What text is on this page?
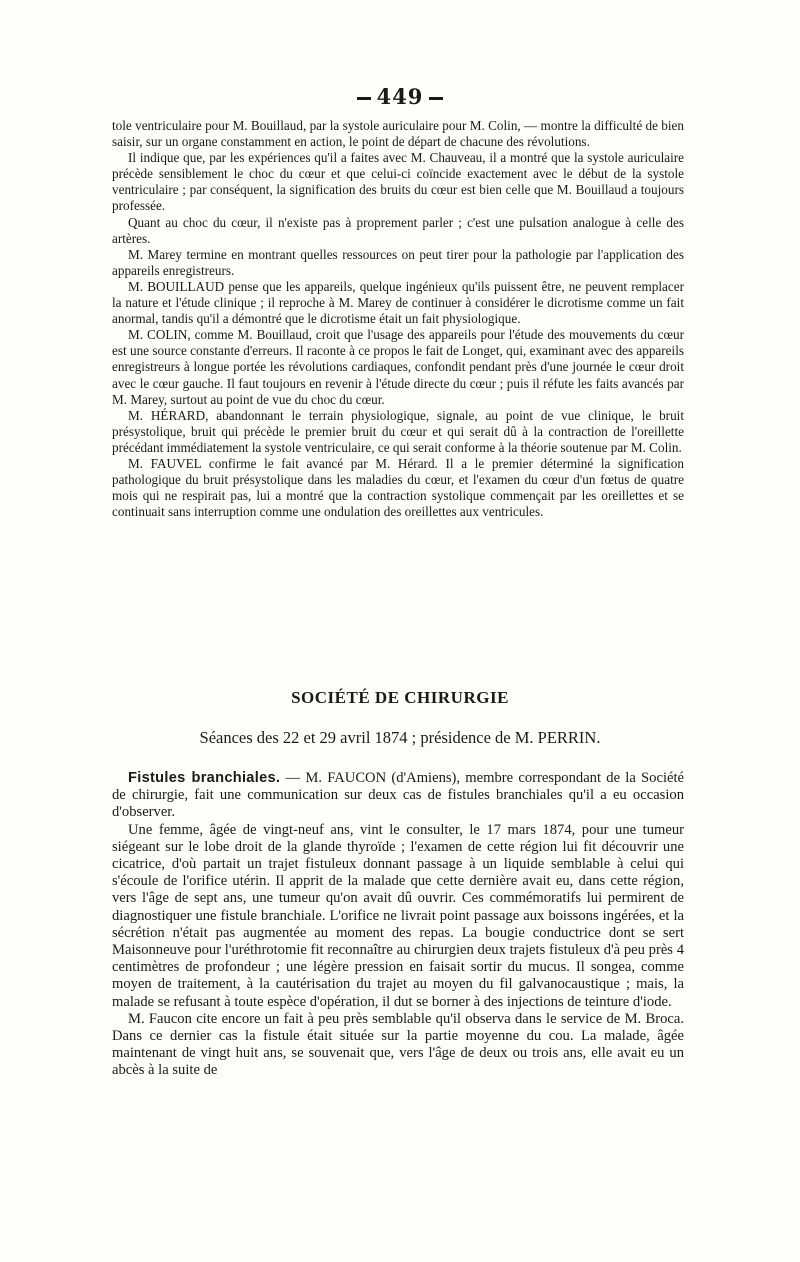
449

tole ventriculaire pour M. Bouillaud, par la systole auriculaire pour M. Colin, — montre la difficulté de bien saisir, sur un organe constamment en action, le point de départ de chacune des révolutions.

Il indique que, par les expériences qu'il a faites avec M. Chauveau, il a montré que la systole auriculaire précède sensiblement le choc du cœur et que celui-ci coïncide exactement avec le début de la systole ventriculaire ; par conséquent, la signification des bruits du cœur est bien celle que M. Bouillaud a toujours professée.

Quant au choc du cœur, il n'existe pas à proprement parler ; c'est une pulsation analogue à celle des artères.

M. Marey termine en montrant quelles ressources on peut tirer pour la pathologie par l'application des appareils enregistreurs.

M. BOUILLAUD pense que les appareils, quelque ingénieux qu'ils puissent être, ne peuvent remplacer la nature et l'étude clinique ; il reproche à M. Marey de continuer à considérer le dicrotisme comme un fait anormal, tandis qu'il a démontré que le dicrotisme était un fait physiologique.

M. COLIN, comme M. Bouillaud, croit que l'usage des appareils pour l'étude des mouvements du cœur est une source constante d'erreurs. Il raconte à ce propos le fait de Longet, qui, examinant avec des appareils enregistreurs à longue portée les révolutions cardiaques, confondit pendant près d'une journée le cœur droit avec le cœur gauche. Il faut toujours en revenir à l'étude directe du cœur ; puis il réfute les faits avancés par M. Marey, surtout au point de vue du choc du cœur.

M. HÉRARD, abandonnant le terrain physiologique, signale, au point de vue clinique, le bruit présystolique, bruit qui précède le premier bruit du cœur et qui serait dû à la contraction de l'oreillette précédant immédiatement la systole ventriculaire, ce qui serait conforme à la théorie soutenue par M. Colin.

M. FAUVEL confirme le fait avancé par M. Hérard. Il a le premier déterminé la signification pathologique du bruit présystolique dans les maladies du cœur, et l'examen du cœur d'un fœtus de quatre mois qui ne respirait pas, lui a montré que la contraction systolique commençait par les oreillettes et se continuait sans interruption comme une ondulation des oreillettes aux ventricules.

SOCIÉTÉ DE CHIRURGIE
Séances des 22 et 29 avril 1874 ; présidence de M. PERRIN.

Fistules branchiales. — M. FAUCON (d'Amiens), membre correspondant de la Société de chirurgie, fait une communication sur deux cas de fistules branchiales qu'il a eu occasion d'observer.

Une femme, âgée de vingt-neuf ans, vint le consulter, le 17 mars 1874, pour une tumeur siégeant sur le lobe droit de la glande thyroïde ; l'examen de cette région lui fit découvrir une cicatrice, d'où partait un trajet fistuleux donnant passage à un liquide semblable à celui qui s'écoule de l'orifice utérin. Il apprit de la malade que cette dernière avait eu, dans cette région, vers l'âge de sept ans, une tumeur qu'on avait dû ouvrir. Ces commémoratifs lui permirent de diagnostiquer une fistule branchiale. L'orifice ne livrait point passage aux boissons ingérées, et la sécrétion n'était pas augmentée au moment des repas. La bougie conductrice dont se sert Maisonneuve pour l'uréthrotomie fit reconnaître au chirurgien deux trajets fistuleux d'à peu près 4 centimètres de profondeur ; une légère pression en faisait sortir du mucus. Il songea, comme moyen de traitement, à la cautérisation du trajet au moyen du fil galvanocaustique ; mais, la malade se refusant à toute espèce d'opération, il dut se borner à des injections de teinture d'iode.

M. Faucon cite encore un fait à peu près semblable qu'il observa dans le service de M. Broca. Dans ce dernier cas la fistule était située sur la partie moyenne du cou. La malade, âgée maintenant de vingt huit ans, se souvenait que, vers l'âge de deux ou trois ans, elle avait eu un abcès à la suite de
